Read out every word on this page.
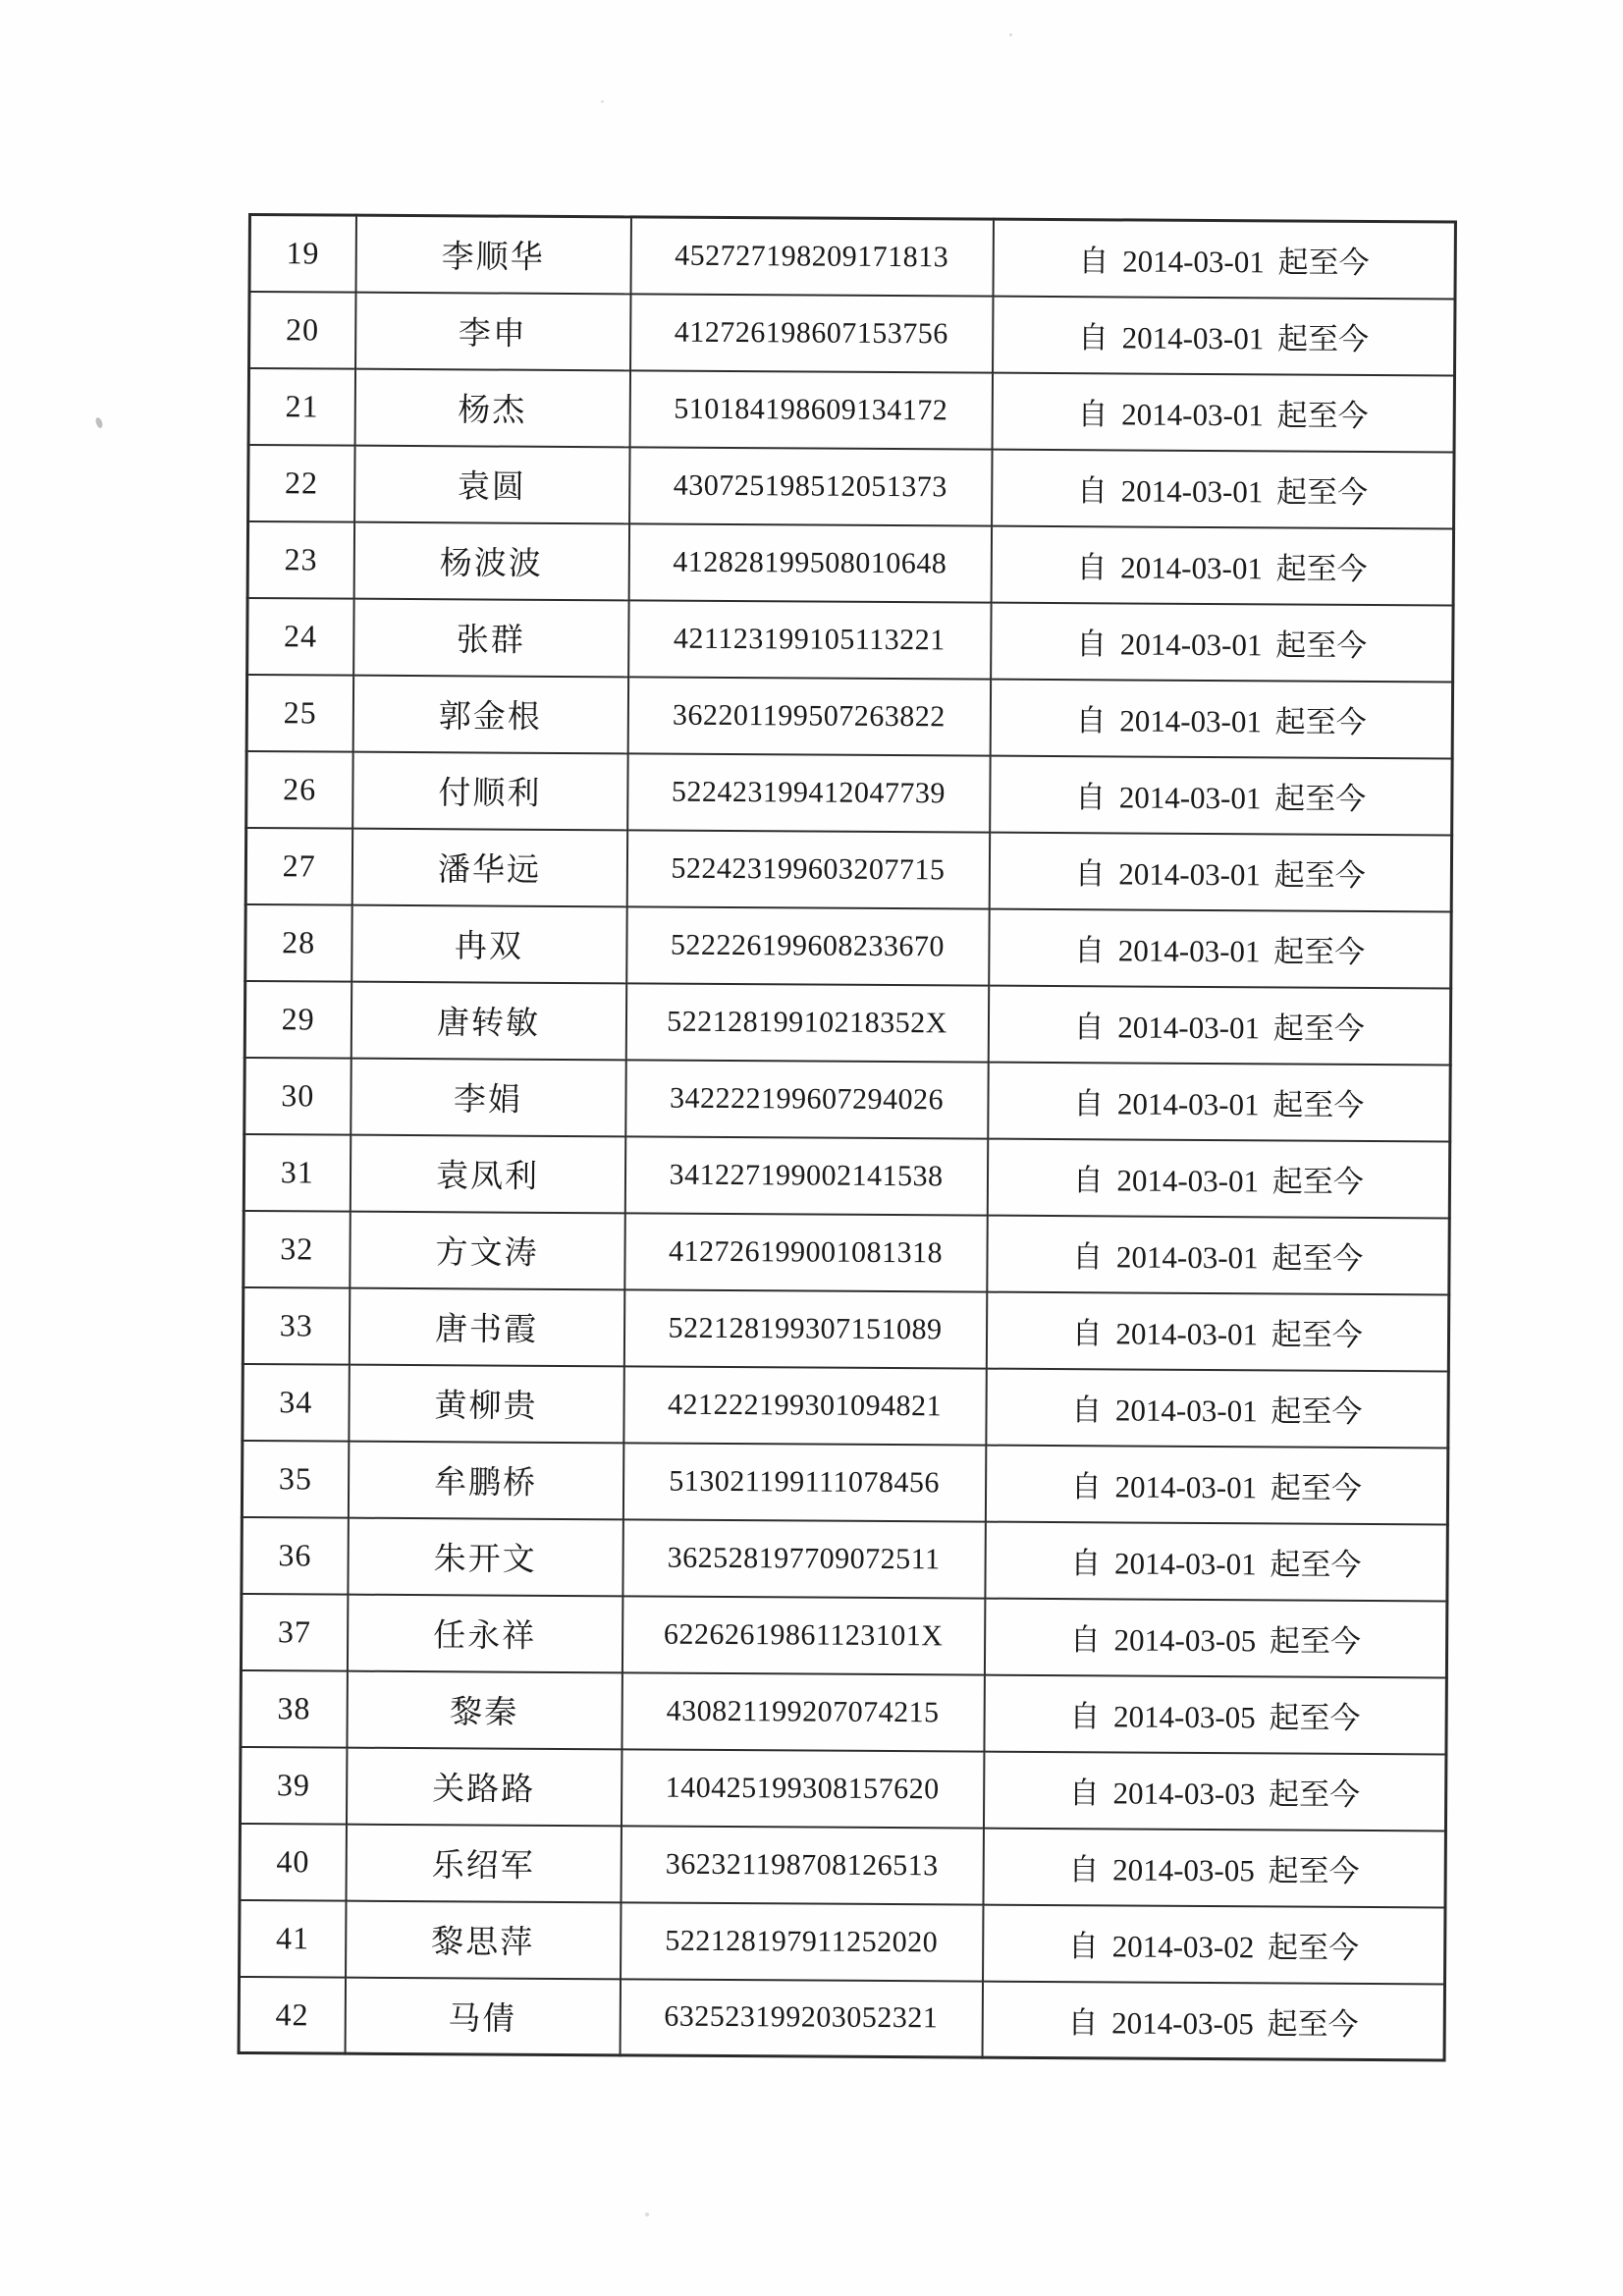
19	李顺华	452727198209171813	自 2014-03-01 起至今
20	李申	412726198607153756	自 2014-03-01 起至今
21	杨杰	510184198609134172	自 2014-03-01 起至今
22	袁圆	430725198512051373	自 2014-03-01 起至今
23	杨波波	412828199508010648	自 2014-03-01 起至今
24	张群	421123199105113221	自 2014-03-01 起至今
25	郭金根	362201199507263822	自 2014-03-01 起至今
26	付顺利	522423199412047739	自 2014-03-01 起至今
27	潘华远	522423199603207715	自 2014-03-01 起至今
28	冉双	522226199608233670	自 2014-03-01 起至今
29	唐转敏	52212819910218352X	自 2014-03-01 起至今
30	李娟	342222199607294026	自 2014-03-01 起至今
31	袁凤利	341227199002141538	自 2014-03-01 起至今
32	方文涛	412726199001081318	自 2014-03-01 起至今
33	唐书霞	522128199307151089	自 2014-03-01 起至今
34	黄柳贵	421222199301094821	自 2014-03-01 起至今
35	牟鹏桥	513021199111078456	自 2014-03-01 起至今
36	朱开文	362528197709072511	自 2014-03-01 起至今
37	任永祥	62262619861123101X	自 2014-03-05 起至今
38	黎秦	430821199207074215	自 2014-03-05 起至今
39	关路路	140425199308157620	自 2014-03-03 起至今
40	乐绍军	362321198708126513	自 2014-03-05 起至今
41	黎思萍	522128197911252020	自 2014-03-02 起至今
42	马倩	632523199203052321	自 2014-03-05 起至今
